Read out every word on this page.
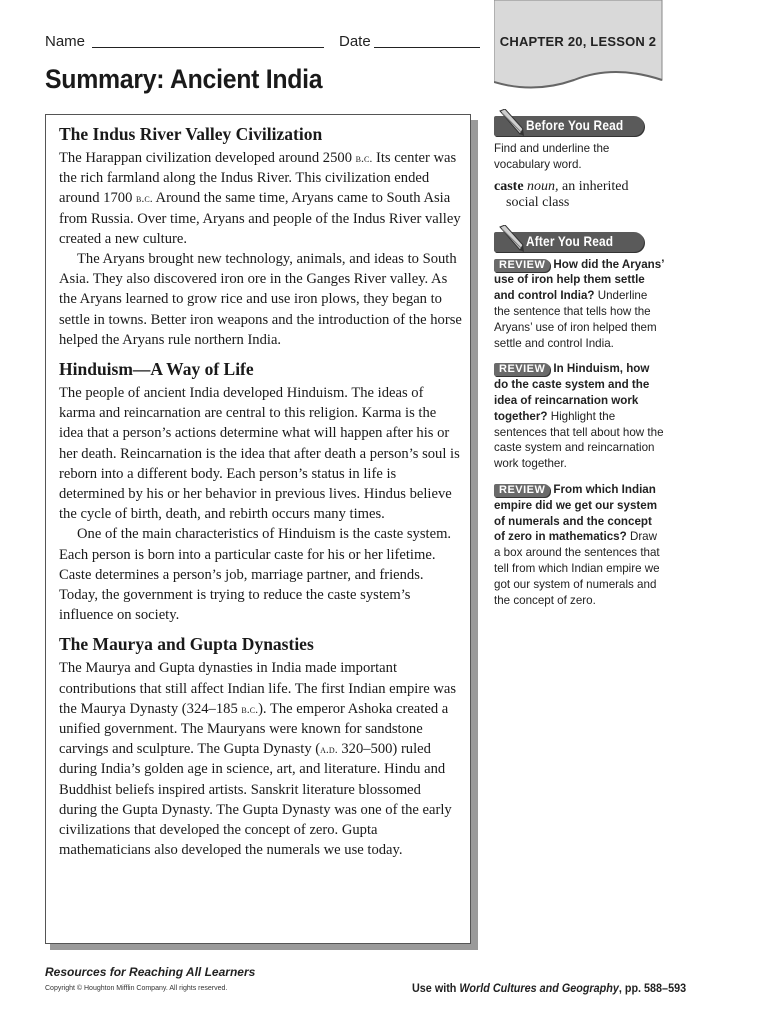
CHAPTER 20, LESSON 2
Name	Date
Summary: Ancient India
The Indus River Valley Civilization

The Harappan civilization developed around 2500 b.c. Its center was the rich farmland along the Indus River. This civilization ended around 1700 b.c. Around the same time, Aryans came to South Asia from Russia. Over time, Aryans and people of the Indus River valley created a new culture.

The Aryans brought new technology, animals, and ideas to South Asia. They also discovered iron ore in the Ganges River valley. As the Aryans learned to grow rice and use iron plows, they began to settle in towns. Better iron weapons and the introduction of the horse helped the Aryans rule northern India.

Hinduism—A Way of Life

The people of ancient India developed Hinduism. The ideas of karma and reincarnation are central to this religion. Karma is the idea that a person’s actions determine what will happen after his or her death. Reincarnation is the idea that after death a person’s soul is reborn into a different body. Each person’s status in life is determined by his or her behavior in previous lives. Hindus believe the cycle of birth, death, and rebirth occurs many times.

One of the main characteristics of Hinduism is the caste system. Each person is born into a particular caste for his or her lifetime. Caste determines a person’s job, marriage partner, and friends. Today, the government is trying to reduce the caste system’s influence on society.

The Maurya and Gupta Dynasties

The Maurya and Gupta dynasties in India made important contributions that still affect Indian life. The first Indian empire was the Maurya Dynasty (324–185 b.c.). The emperor Ashoka created a unified government. The Mauryans were known for sandstone carvings and sculpture. The Gupta Dynasty (a.d. 320–500) ruled during India’s golden age in science, art, and literature. Hindu and Buddhist beliefs inspired artists. Sanskrit literature blossomed during the Gupta Dynasty. The Gupta Dynasty was one of the early civilizations that developed the concept of zero. Gupta mathematicians also developed the numerals we use today.

Before You Read
Find and underline the vocabulary word.
caste noun, an inherited social class
After You Read
REVIEW How did the Aryans’ use of iron help them settle and control India? Underline the sentence that tells how the Aryans’ use of iron helped them settle and control India.
REVIEW In Hinduism, how do the caste system and the idea of reincarnation work together? Highlight the sentences that tell about how the caste system and reincarnation work together.
REVIEW From which Indian empire did we get our system of numerals and the concept of zero in mathematics? Draw a box around the sentences that tell from which Indian empire we got our system of numerals and the concept of zero.
Resources for Reaching All Learners
Copyright © Houghton Mifflin Company. All rights reserved.	Use with World Cultures and Geography, pp. 588–593
